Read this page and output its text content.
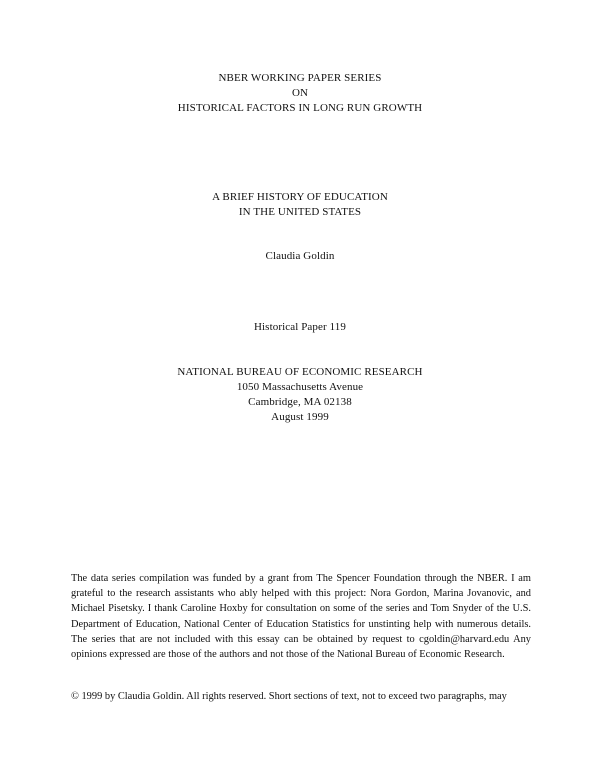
NBER WORKING PAPER SERIES
ON
HISTORICAL FACTORS IN LONG RUN GROWTH
A BRIEF HISTORY OF EDUCATION
IN THE UNITED STATES
Claudia Goldin
Historical Paper 119
NATIONAL BUREAU OF ECONOMIC RESEARCH
1050 Massachusetts Avenue
Cambridge, MA 02138
August 1999

The data series compilation was funded by a grant from The Spencer Foundation through the NBER. I am grateful to the research assistants who ably helped with this project: Nora Gordon, Marina Jovanovic, and Michael Pisetsky. I thank Caroline Hoxby for consultation on some of the series and Tom Snyder of the U.S. Department of Education, National Center of Education Statistics for unstinting help with numerous details. The series that are not included with this essay can be obtained by request to cgoldin@harvard.edu Any opinions expressed are those of the authors and not those of the National Bureau of Economic Research.

© 1999 by Claudia Goldin. All rights reserved. Short sections of text, not to exceed two paragraphs, may
